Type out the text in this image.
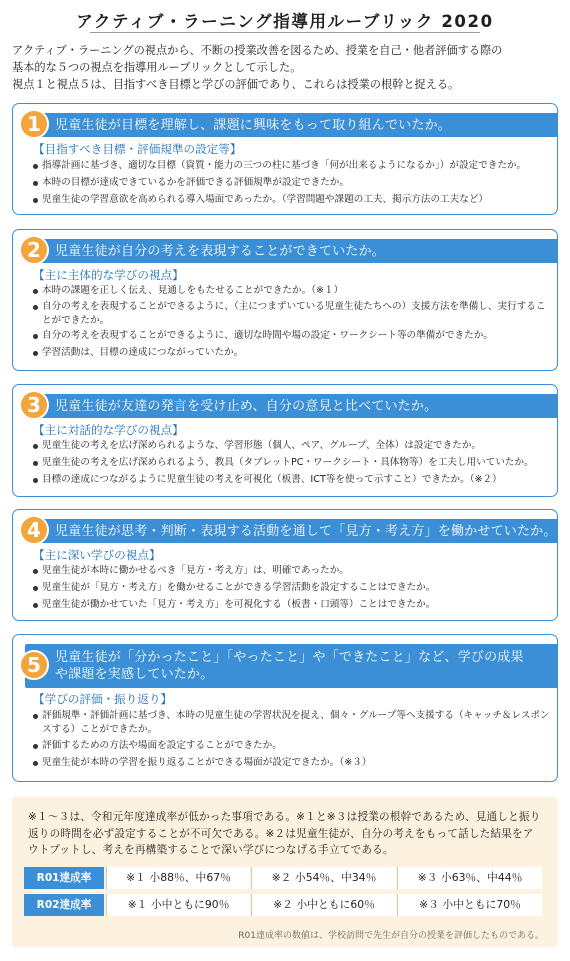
アクティブ・ラーニング指導用ルーブリック 2020
アクティブ・ラーニングの視点から、不断の授業改善を図るため、授業を自己・他者評価する際の
基本的な５つの視点を指導用ルーブリックとして示した。
視点１と視点５は、目指すべき目標と学びの評価であり、これらは授業の根幹と捉える。
1	児童生徒が目標を理解し、課題に興味をもって取り組んでいたか。
【目指すべき目標・評価規準の設定等】
指導計画に基づき、適切な目標（資質・能力の三つの柱に基づき「何が出来るようになるか」）が設定できたか。
本時の目標が達成できているかを評価できる評価規準が設定できたか。
児童生徒の学習意欲を高められる導入場面であったか。（学習問題や課題の工夫、掲示方法の工夫など）
2	児童生徒が自分の考えを表現することができていたか。
【主に主体的な学びの視点】
本時の課題を正しく伝え、見通しをもたせることができたか。（※１）
自分の考えを表現することができるように、（主につまずいている児童生徒たちへの）支援方法を準備し、実行することができたか。
自分の考えを表現することができるように、適切な時間や場の設定・ワークシート等の準備ができたか。
学習活動は、目標の達成につながっていたか。
3	児童生徒が友達の発言を受け止め、自分の意見と比べていたか。
【主に対話的な学びの視点】
児童生徒の考えを広げ深められるような、学習形態（個人、ペア、グループ、全体）は設定できたか。
児童生徒の考えを広げ深められるよう、教具（タブレットPC・ワークシート・具体物等）を工夫し用いていたか。
目標の達成につながるように児童生徒の考えを可視化（板書、ICT等を使って示すこと）できたか。（※２）
4	児童生徒が思考・判断・表現する活動を通して「見方・考え方」を働かせていたか。
【主に深い学びの視点】
児童生徒が本時に働かせるべき「見方・考え方」は、明確であったか。
児童生徒が「見方・考え方」を働かせることができる学習活動を設定することはできたか。
児童生徒が働かせていた「見方・考え方」を可視化する（板書・口頭等）ことはできたか。
5	児童生徒が「分かったこと」「やったこと」や「できたこと」など、学びの成果や課題を実感していたか。
【学びの評価・振り返り】
評価規準・評価計画に基づき、本時の児童生徒の学習状況を捉え、個々・グループ等へ支援する（キャッチ＆レスポンスする）ことができたか。
評価するための方法や場面を設定することができたか。
児童生徒が本時の学習を振り返ることができる場面が設定できたか。（※３）
※１～３は、令和元年度達成率が低かった事項である。※１と※３は授業の根幹であるため、見通しと振り返りの時間を必ず設定することが不可欠である。※２は児童生徒が、自分の考えをもって話した結果をアウトプットし、考えを再構築することで深い学びにつなげる手立てである。
R01達成率	※１ 小88％、中67％	※２ 小54％、中34％	※３ 小63％、中44％
R02達成率	※１ 小中ともに90％	※２ 小中ともに60％	※３ 小中ともに70％
R01達成率の数値は、学校訪問で先生が自分の授業を評価したものである。
